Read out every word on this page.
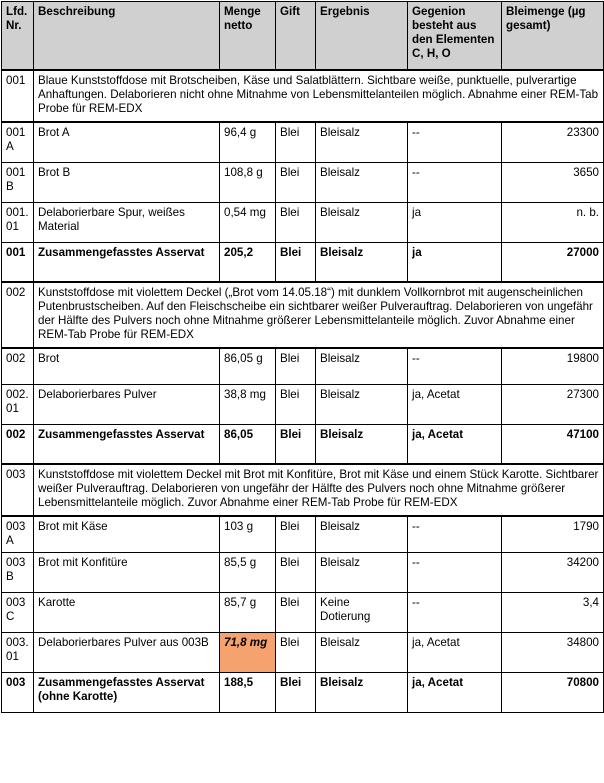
Lfd. Nr.	Beschreibung	Menge netto	Gift	Ergebnis	Gegenion besteht aus den Elementen C, H, O	Bleimenge (µg gesamt)
001	Blaue Kunststoffdose mit Brotscheiben, Käse und Salatblättern. Sichtbare weiße, punktuelle, pulverartige Anhaftungen. Delaborieren nicht ohne Mitnahme von Lebensmittelanteilen möglich. Abnahme einer REM-Tab Probe für REM-EDX					
001 A	Brot A	96,4 g	Blei	Bleisalz	--	23300
001 B	Brot B	108,8 g	Blei	Bleisalz	--	3650
001. 01	Delaborierbare Spur, weißes Material	0,54 mg	Blei	Bleisalz	ja	n. b.
001	Zusammengefasstes Asservat	205,2	Blei	Bleisalz	ja	27000
002	Kunststoffdose mit violettem Deckel („Brot vom 14.05.18“) mit dunklem Vollkornbrot mit augenscheinlichen Putenbrustscheiben. Auf den Fleischscheibe ein sichtbarer weißer Pulverauftrag. Delaborieren von ungefähr der Hälfte des Pulvers noch ohne Mitnahme größerer Lebensmittelanteile möglich. Zuvor Abnahme einer REM-Tab Probe für REM-EDX					
002	Brot	86,05 g	Blei	Bleisalz	--	19800
002. 01	Delaborierbares Pulver	38,8 mg	Blei	Bleisalz	ja, Acetat	27300
002	Zusammengefasstes Asservat	86,05	Blei	Bleisalz	ja, Acetat	47100
003	Kunststoffdose mit violettem Deckel mit Brot mit Konfitüre, Brot mit Käse und einem Stück Karotte. Sichtbarer weißer Pulverauftrag. Delaborieren von ungefähr der Hälfte des Pulvers noch ohne Mitnahme größerer Lebensmittelanteile möglich. Zuvor Abnahme einer REM-Tab Probe für REM-EDX					
003 A	Brot mit Käse	103 g	Blei	Bleisalz	--	1790
003 B	Brot mit Konfitüre	85,5 g	Blei	Bleisalz	--	34200
003 C	Karotte	85,7 g	Blei	Keine Dotierung	--	3,4
003. 01	Delaborierbares Pulver aus 003B	71,8 mg	Blei	Bleisalz	ja, Acetat	34800
003	Zusammengefasstes Asservat (ohne Karotte)	188,5	Blei	Bleisalz	ja, Acetat	70800
